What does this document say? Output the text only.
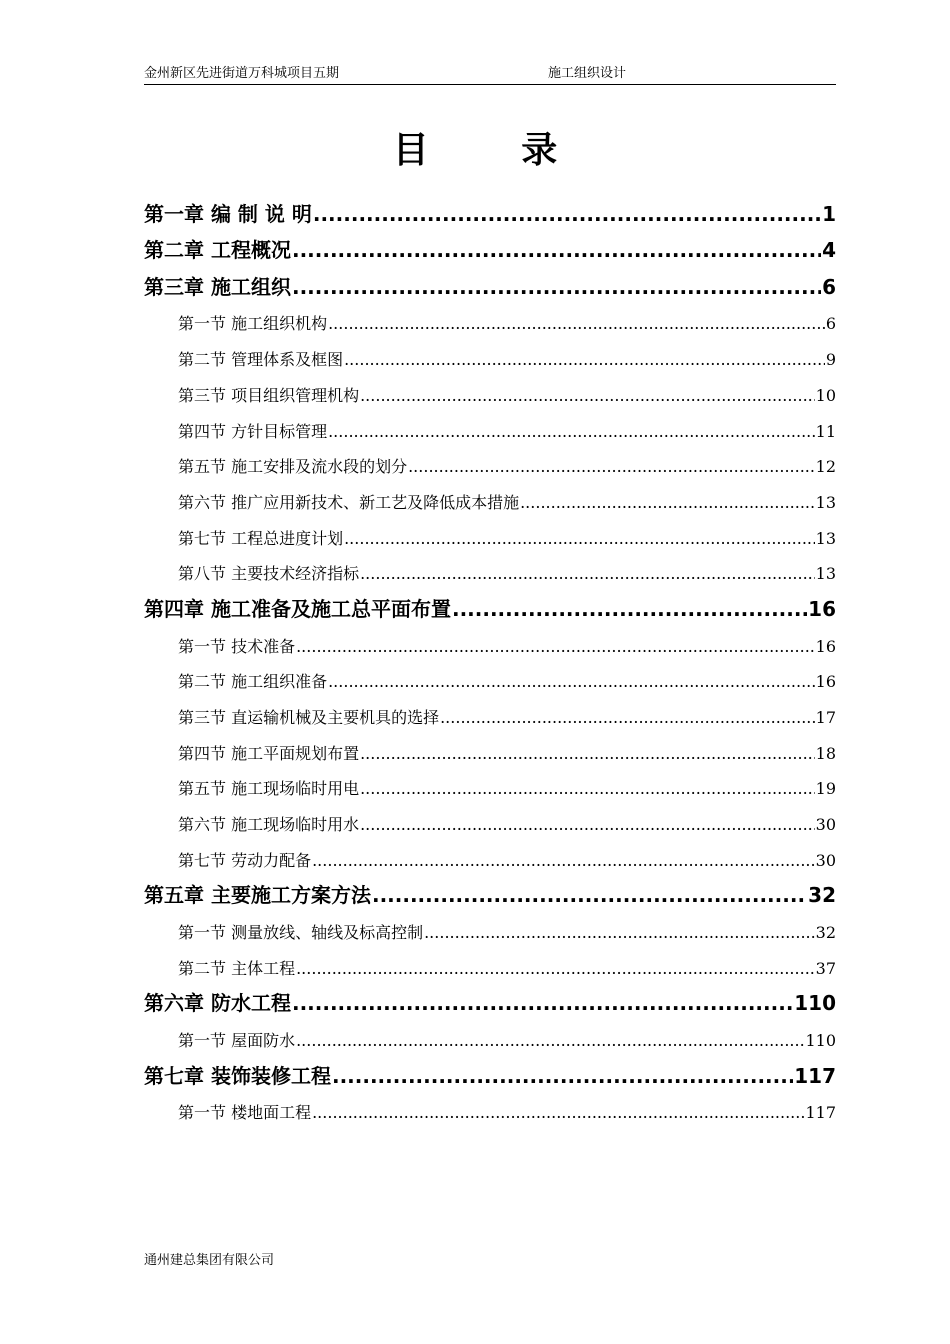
金州新区先进街道万科城项目五期	施工组织设计
目 录
第一章 编 制 说 明 .....	1
第二章 工程概况 .....	4
第三章 施工组织 .....	6
第一节 施工组织机构 .....	6
第二节 管理体系及框图 .....	9
第三节 项目组织管理机构 .....	10
第四节 方针目标管理 .....	11
第五节 施工安排及流水段的划分 .....	12
第六节 推广应用新技术、新工艺及降低成本措施 .....	13
第七节 工程总进度计划 .....	13
第八节 主要技术经济指标 .....	13
第四章 施工准备及施工总平面布置 .....	16
第一节 技术准备 .....	16
第二节 施工组织准备 .....	16
第三节 直运输机械及主要机具的选择 .....	17
第四节 施工平面规划布置 .....	18
第五节 施工现场临时用电 .....	19
第六节 施工现场临时用水 .....	30
第七节 劳动力配备 .....	30
第五章 主要施工方案方法 .....	32
第一节 测量放线、轴线及标高控制 .....	32
第二节 主体工程 .....	37
第六章 防水工程 .....	110
第一节 屋面防水 .....	110
第七章 装饰装修工程 .....	117
第一节 楼地面工程 .....	117
通州建总集团有限公司
